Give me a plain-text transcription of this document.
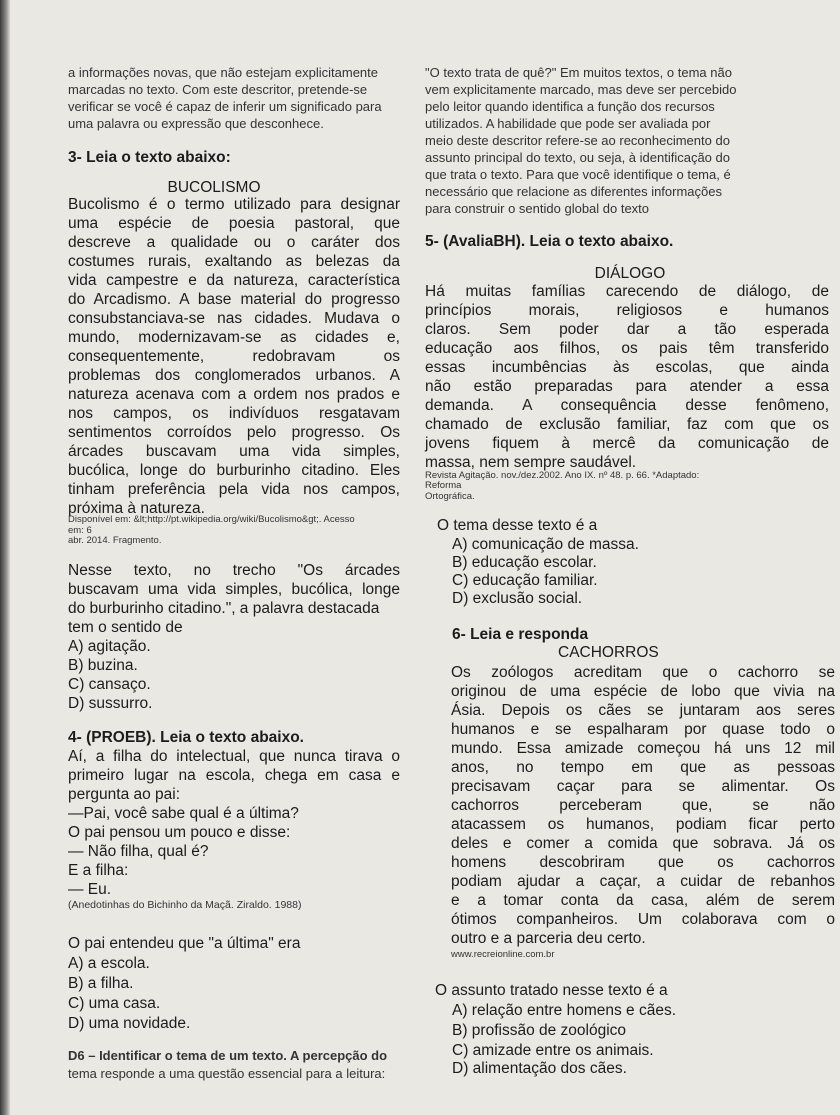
a informações novas, que não estejam explicitamente
marcadas no texto. Com este descritor, pretende-se
verificar se você é capaz de inferir um significado para
uma palavra ou expressão que desconhece.
3- Leia o texto abaixo:
BUCOLISMO
Bucolismo é o termo utilizado para designar
uma espécie de poesia pastoral, que
descreve a qualidade ou o caráter dos
costumes rurais, exaltando as belezas da
vida campestre e da natureza, característica
do Arcadismo. A base material do progresso
consubstanciava-se nas cidades. Mudava o
mundo, modernizavam-se as cidades e,
consequentemente, redobravam os
problemas dos conglomerados urbanos. A
natureza acenava com a ordem nos prados e
nos campos, os indivíduos resgatavam
sentimentos corroídos pelo progresso. Os
árcades buscavam uma vida simples,
bucólica, longe do burburinho citadino. Eles
tinham preferência pela vida nos campos,
próxima à natureza.
Disponível em: &lt;http://pt.wikipedia.org/wiki/Bucolismo&gt;. Acesso
em: 6
abr. 2014. Fragmento.
Nesse texto, no trecho "Os árcades
buscavam uma vida simples, bucólica, longe
do burburinho citadino.", a palavra destacada
tem o sentido de
A) agitação.
B) buzina.
C) cansaço.
D) sussurro.
4- (PROEB). Leia o texto abaixo.
Aí, a filha do intelectual, que nunca tirava o
primeiro lugar na escola, chega em casa e
pergunta ao pai:
—Pai, você sabe qual é a última?
O pai pensou um pouco e disse:
— Não filha, qual é?
E a filha:
— Eu.
(Anedotinhas do Bichinho da Maçã. Ziraldo. 1988)
O pai entendeu que "a última" era
A) a escola.
B) a filha.
C) uma casa.
D) uma novidade.
D6 – Identificar o tema de um texto. A percepção do
tema responde a uma questão essencial para a leitura:
"O texto trata de quê?" Em muitos textos, o tema não
vem explicitamente marcado, mas deve ser percebido
pelo leitor quando identifica a função dos recursos
utilizados. A habilidade que pode ser avaliada por
meio deste descritor refere-se ao reconhecimento do
assunto principal do texto, ou seja, à identificação do
que trata o texto. Para que você identifique o tema, é
necessário que relacione as diferentes informações
para construir o sentido global do texto
5- (AvaliaBH). Leia o texto abaixo.
DIÁLOGO
Há muitas famílias carecendo de diálogo, de
princípios morais, religiosos e humanos
claros. Sem poder dar a tão esperada
educação aos filhos, os pais têm transferido
essas incumbências às escolas, que ainda
não estão preparadas para atender a essa
demanda. A consequência desse fenômeno,
chamado de exclusão familiar, faz com que os
jovens fiquem à mercê da comunicação de
massa, nem sempre saudável.
Revista Agitação. nov./dez.2002. Ano IX. nº 48. p. 66. *Adaptado:
Reforma
Ortográfica.
O tema desse texto é a
A) comunicação de massa.
B) educação escolar.
C) educação familiar.
D) exclusão social.
6- Leia e responda
CACHORROS
Os zoólogos acreditam que o cachorro se
originou de uma espécie de lobo que vivia na
Ásia. Depois os cães se juntaram aos seres
humanos e se espalharam por quase todo o
mundo. Essa amizade começou há uns 12 mil
anos, no tempo em que as pessoas
precisavam caçar para se alimentar. Os
cachorros perceberam que, se não
atacassem os humanos, podiam ficar perto
deles e comer a comida que sobrava. Já os
homens descobriram que os cachorros
podiam ajudar a caçar, a cuidar de rebanhos
e a tomar conta da casa, além de serem
ótimos companheiros. Um colaborava com o
outro e a parceria deu certo.
www.recreionline.com.br
O assunto tratado nesse texto é a
A) relação entre homens e cães.
B) profissão de zoológico
C) amizade entre os animais.
D) alimentação dos cães.
